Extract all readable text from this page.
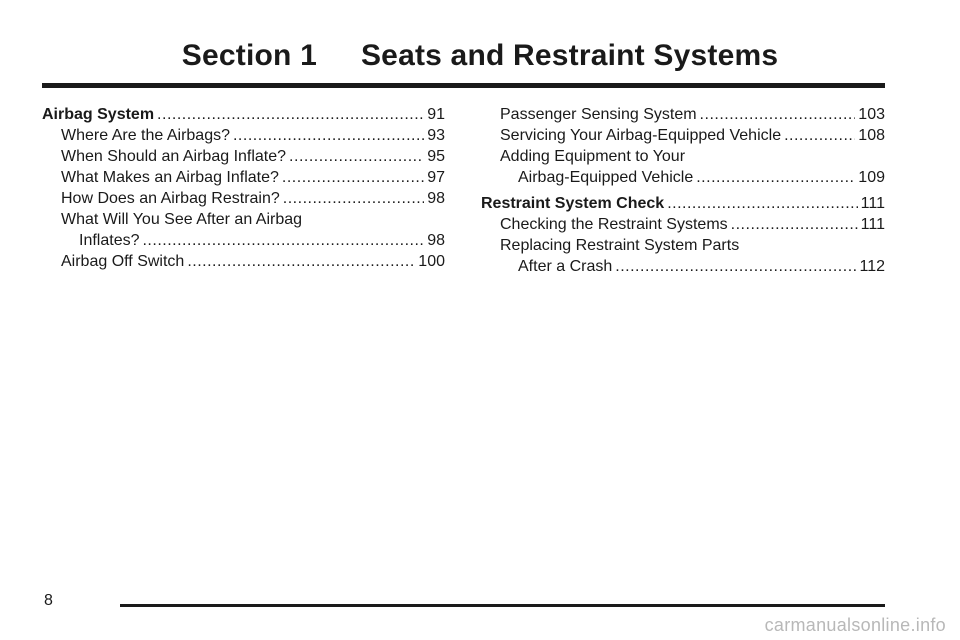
Section 1 Seats and Restraint Systems
Airbag System .....	91
Where Are the Airbags? .....	93
When Should an Airbag Inflate? .....	95
What Makes an Airbag Inflate? .....	97
How Does an Airbag Restrain? .....	98
What Will You See After an Airbag
Inflates? .....	98
Airbag Off Switch .....	100
Passenger Sensing System .....	103
Servicing Your Airbag-Equipped Vehicle .....	108
Adding Equipment to Your
Airbag-Equipped Vehicle .....	109
Restraint System Check .....	111
Checking the Restraint Systems .....	111
Replacing Restraint System Parts
After a Crash .....	112
8
carmanualsonline.info
